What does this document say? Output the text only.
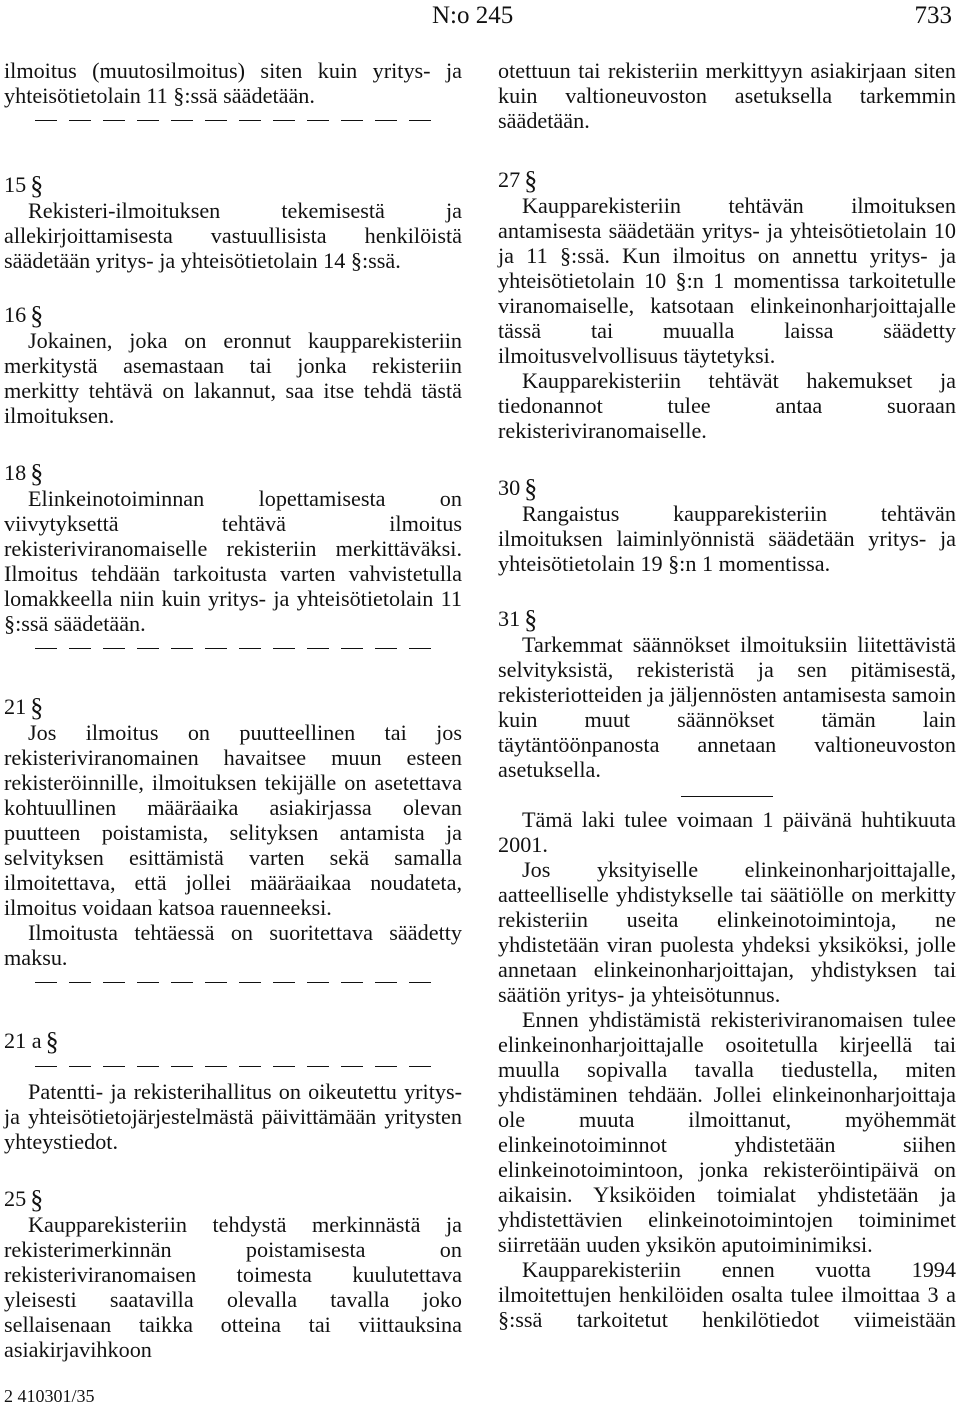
N:o 245	733

ilmoitus (muutosilmoitus) siten kuin yritys- ja yhteisötietolain 11 §:ssä säädetään.

15 §

Rekisteri-ilmoituksen tekemisestä ja allekirjoittamisesta vastuullisista henkilöistä säädetään yritys- ja yhteisötietolain 14 §:ssä.

16 §

Jokainen, joka on eronnut kaupparekisteriin merkitystä asemastaan tai jonka rekisteriin merkitty tehtävä on lakannut, saa itse tehdä tästä ilmoituksen.

18 §

Elinkeinotoiminnan lopettamisesta on viivytyksettä tehtävä ilmoitus rekisteriviranomaiselle rekisteriin merkittäväksi. Ilmoitus tehdään tarkoitusta varten vahvistetulla lomakkeella niin kuin yritys- ja yhteisötietolain 11 §:ssä säädetään.

21 §

Jos ilmoitus on puutteellinen tai jos rekisteriviranomainen havaitsee muun esteen rekisteröinnille, ilmoituksen tekijälle on asetettava kohtuullinen määräaika asiakirjassa olevan puutteen poistamista, selityksen antamista ja selvityksen esittämistä varten sekä samalla ilmoitettava, että jollei määräaikaa noudateta, ilmoitus voidaan katsoa rauenneeksi.

Ilmoitusta tehtäessä on suoritettava säädetty maksu.

21 a §

Patentti- ja rekisterihallitus on oikeutettu yritys- ja yhteisötietojärjestelmästä päivittämään yritysten yhteystiedot.

25 §

Kaupparekisteriin tehdystä merkinnästä ja rekisterimerkinnän poistamisesta on rekisteriviranomaisen toimesta kuulutettava yleisesti saatavilla olevalla tavalla joko sellaisenaan taikka otteina tai viittauksina asiakirjavihkoon

otettuun tai rekisteriin merkittyyn asiakirjaan siten kuin valtioneuvoston asetuksella tarkemmin säädetään.

27 §

Kaupparekisteriin tehtävän ilmoituksen antamisesta säädetään yritys- ja yhteisötietolain 10 ja 11 §:ssä. Kun ilmoitus on annettu yritys- ja yhteisötietolain 10 §:n 1 momentissa tarkoitetulle viranomaiselle, katsotaan elinkeinonharjoittajalle tässä tai muualla laissa säädetty ilmoitusvelvollisuus täytetyksi.

Kaupparekisteriin tehtävät hakemukset ja tiedonannot tulee antaa suoraan rekisteriviranomaiselle.

30 §

Rangaistus kaupparekisteriin tehtävän ilmoituksen laiminlyönnistä säädetään yritys- ja yhteisötietolain 19 §:n 1 momentissa.

31 §

Tarkemmat säännökset ilmoituksiin liitettävistä selvityksistä, rekisteristä ja sen pitämisestä, rekisteriotteiden ja jäljennösten antamisesta samoin kuin muut säännökset tämän lain täytäntöönpanosta annetaan valtioneuvoston asetuksella.

Tämä laki tulee voimaan 1 päivänä huhtikuuta 2001.

Jos yksityiselle elinkeinonharjoittajalle, aatteelliselle yhdistykselle tai säätiölle on merkitty rekisteriin useita elinkeinotoimintoja, ne yhdistetään viran puolesta yhdeksi yksiköksi, jolle annetaan elinkeinonharjoittajan, yhdistyksen tai säätiön yritys- ja yhteisötunnus.

Ennen yhdistämistä rekisteriviranomaisen tulee elinkeinonharjoittajalle osoitetulla kirjeellä tai muulla sopivalla tavalla tiedustella, miten yhdistäminen tehdään. Jollei elinkeinonharjoittaja ole muuta ilmoittanut, myöhemmät elinkeinotoiminnot yhdistetään siihen elinkeinotoimintoon, jonka rekisteröintipäivä on aikaisin. Yksiköiden toimialat yhdistetään ja yhdistettävien elinkeinotoimintojen toiminimet siirretään uuden yksikön aputoiminimiksi.

Kaupparekisteriin ennen vuotta 1994 ilmoitettujen henkilöiden osalta tulee ilmoittaa 3 a §:ssä tarkoitetut henkilötiedot viimeistään

2 410301/35
